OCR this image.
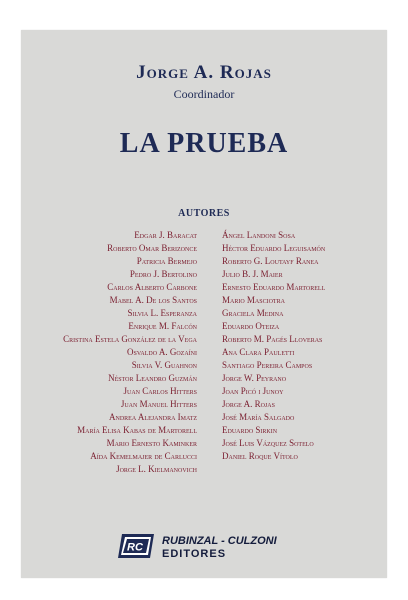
Jorge A. Rojas
Coordinador
LA PRUEBA
AUTORES
Edgar J. Baracat
Roberto Omar Berizonce
Patricia Bermejo
Pedro J. Bertolino
Carlos Alberto Carbone
Mabel A. De los Santos
Silvia L. Esperanza
Enrique M. Falcón
Cristina Estela González de la Vega
Osvaldo A. Gozaíni
Silvia V. Guahnon
Néstor Leandro Guzmán
Juan Carlos Hitters
Juan Manuel Hitters
Andrea Alejandra Imatz
María Elisa Kabas de Martorell
Mario Ernesto Kaminker
Aída Kemelmajer de Carlucci
Jorge L. Kielmanovich
Ángel Landoni Sosa
Héctor Eduardo Leguisamón
Roberto G. Loutayf Ranea
Julio B. J. Maier
Ernesto Eduardo Martorell
Mario Masciotra
Graciela Medina
Eduardo Oteiza
Roberto M. Pagés Lloveras
Ana Clara Pauletti
Santiago Pereira Campos
Jorge W. Peyrano
Joan Picó i Junoy
Jorge A. Rojas
José María Salgado
Eduardo Sirkin
José Luis Vázquez Sotelo
Daniel Roque Vítolo
RC
RUBINZAL - CULZONI
EDITORES
